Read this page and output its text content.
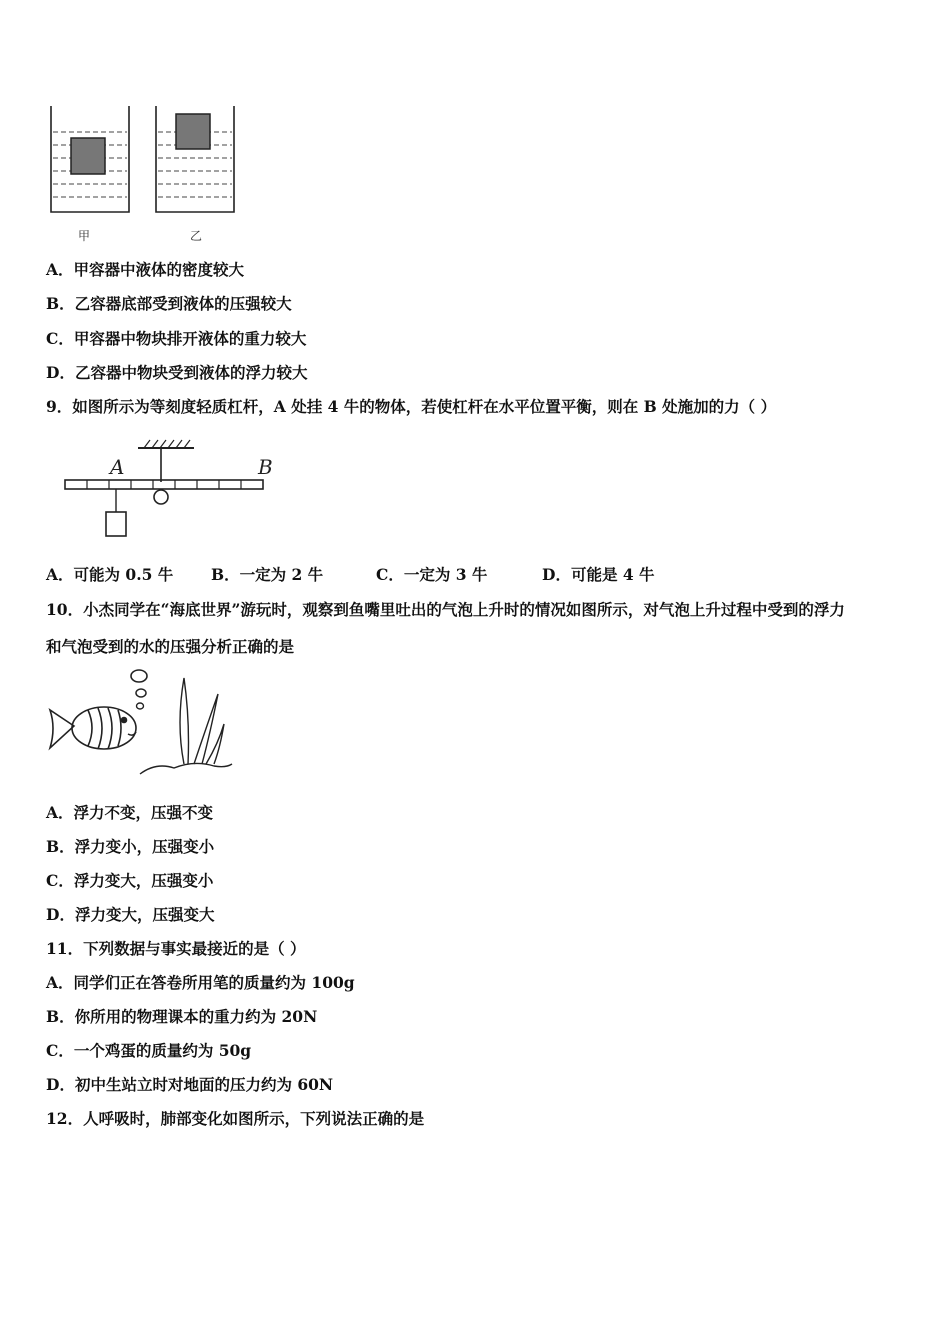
甲	乙
A．甲容器中液体的密度较大
B．乙容器底部受到液体的压强较大
C．甲容器中物块排开液体的重力较大
D．乙容器中物块受到液体的浮力较大
9．如图所示为等刻度轻质杠杆，A 处挂 4 牛的物体，若使杠杆在水平位置平衡，则在 B 处施加的力（ ）
A	B
A．可能为 0.5 牛 B．一定为 2 牛	C．一定为 3 牛	D．可能是 4 牛
10．小杰同学在“海底世界”游玩时，观察到鱼嘴里吐出的气泡上升时的情况如图所示，对气泡上升过程中受到的浮力
和气泡受到的水的压强分析正确的是
A．浮力不变，压强不变
B．浮力变小，压强变小
C．浮力变大，压强变小
D．浮力变大，压强变大
11．下列数据与事实最接近的是（ ）
A．同学们正在答卷所用笔的质量约为 100g
B．你所用的物理课本的重力约为 20N
C．一个鸡蛋的质量约为 50g
D．初中生站立时对地面的压力约为 60N
12．人呼吸时，肺部变化如图所示，下列说法正确的是
